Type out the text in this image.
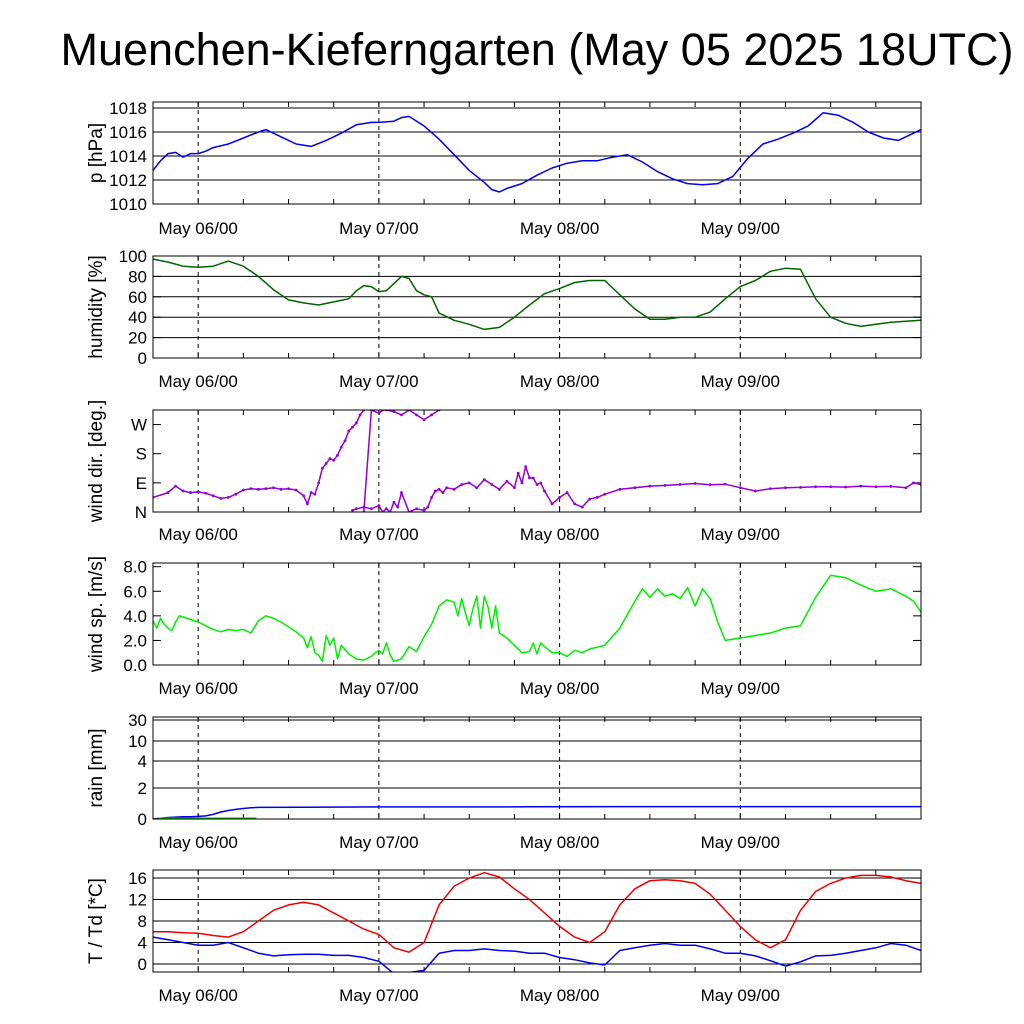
Muenchen-Kieferngarten (May 05 2025 18UTC)
1010
1012
1014
1016
1018
p [hPa]
May 06/00	May 07/00	May 08/00	May 09/00
0
20
40
60
80
100
humidity [%]
May 06/00	May 07/00	May 08/00	May 09/00
N
E
S
W
wind dir. [deg.]
May 06/00	May 07/00	May 08/00	May 09/00
0.0
2.0
4.0
6.0
8.0
wind sp. [m/s]
May 06/00	May 07/00	May 08/00	May 09/00
0
2
4
10
30
rain [mm]
May 06/00	May 07/00	May 08/00	May 09/00
0
4
8
12
16
T / Td [*C]
May 06/00	May 07/00	May 08/00	May 09/00
